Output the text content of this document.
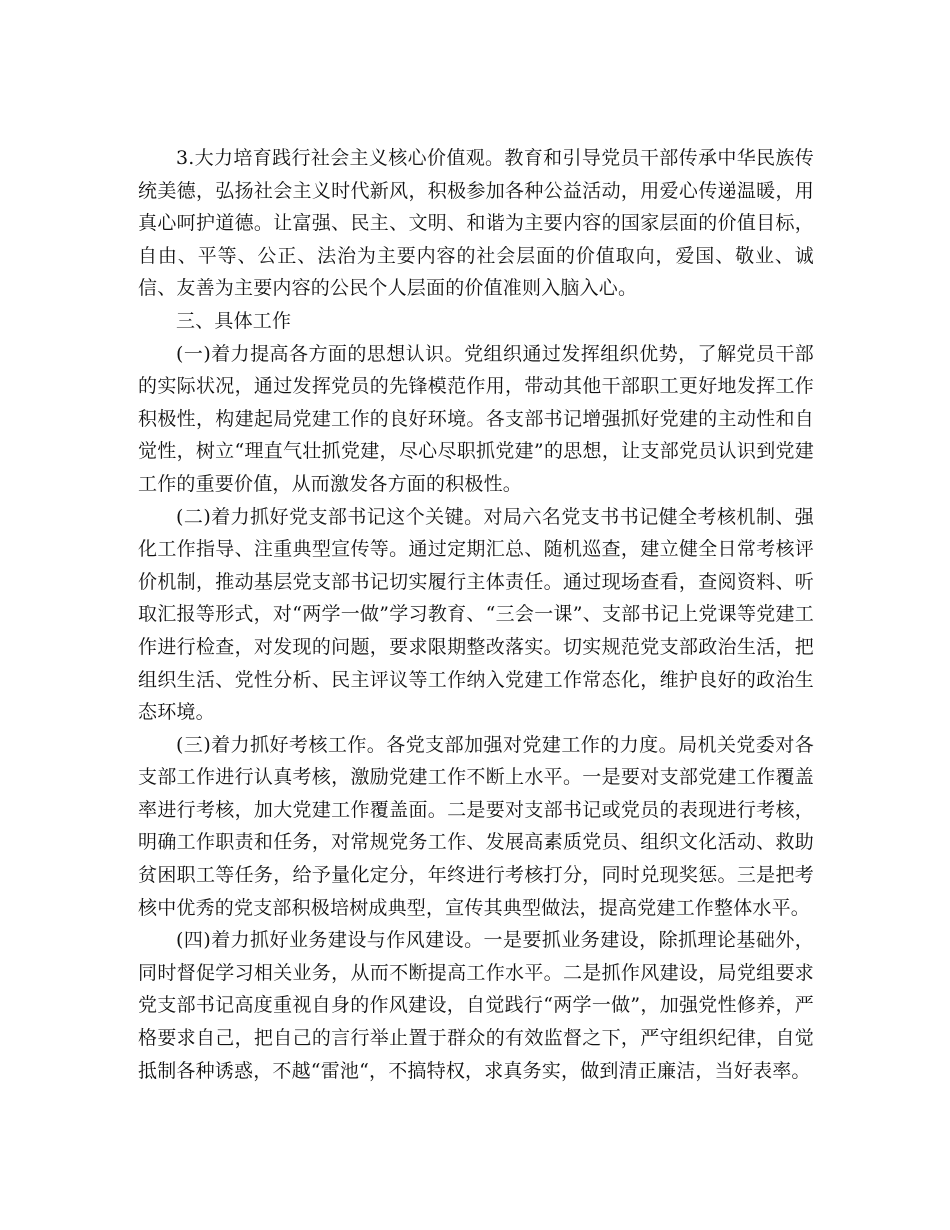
3.大力培育践行社会主义核心价值观。教育和引导党员干部传承中华民族传统美德，弘扬社会主义时代新风，积极参加各种公益活动，用爱心传递温暖，用真心呵护道德。让富强、民主、文明、和谐为主要内容的国家层面的价值目标，自由、平等、公正、法治为主要内容的社会层面的价值取向，爱国、敬业、诚信、友善为主要内容的公民个人层面的价值准则入脑入心。

三、具体工作

(一)着力提高各方面的思想认识。党组织通过发挥组织优势，了解党员干部的实际状况，通过发挥党员的先锋模范作用，带动其他干部职工更好地发挥工作积极性，构建起局党建工作的良好环境。各支部书记增强抓好党建的主动性和自觉性，树立“理直气壮抓党建，尽心尽职抓党建”的思想，让支部党员认识到党建工作的重要价值，从而激发各方面的积极性。

(二)着力抓好党支部书记这个关键。对局六名党支书书记健全考核机制、强化工作指导、注重典型宣传等。通过定期汇总、随机巡查，建立健全日常考核评价机制，推动基层党支部书记切实履行主体责任。通过现场查看，查阅资料、听取汇报等形式，对“两学一做”学习教育、“三会一课”、支部书记上党课等党建工作进行检查，对发现的问题，要求限期整改落实。切实规范党支部政治生活，把组织生活、党性分析、民主评议等工作纳入党建工作常态化，维护良好的政治生态环境。

(三)着力抓好考核工作。各党支部加强对党建工作的力度。局机关党委对各支部工作进行认真考核，激励党建工作不断上水平。一是要对支部党建工作覆盖率进行考核，加大党建工作覆盖面。二是要对支部书记或党员的表现进行考核，明确工作职责和任务，对常规党务工作、发展高素质党员、组织文化活动、救助贫困职工等任务，给予量化定分，年终进行考核打分，同时兑现奖惩。三是把考核中优秀的党支部积极培树成典型，宣传其典型做法，提高党建工作整体水平。

(四)着力抓好业务建设与作风建设。一是要抓业务建设，除抓理论基础外，同时督促学习相关业务，从而不断提高工作水平。二是抓作风建设，局党组要求党支部书记高度重视自身的作风建设，自觉践行“两学一做”，加强党性修养，严格要求自己，把自己的言行举止置于群众的有效监督之下，严守组织纪律，自觉抵制各种诱惑，不越“雷池“，不搞特权，求真务实，做到清正廉洁，当好表率。
